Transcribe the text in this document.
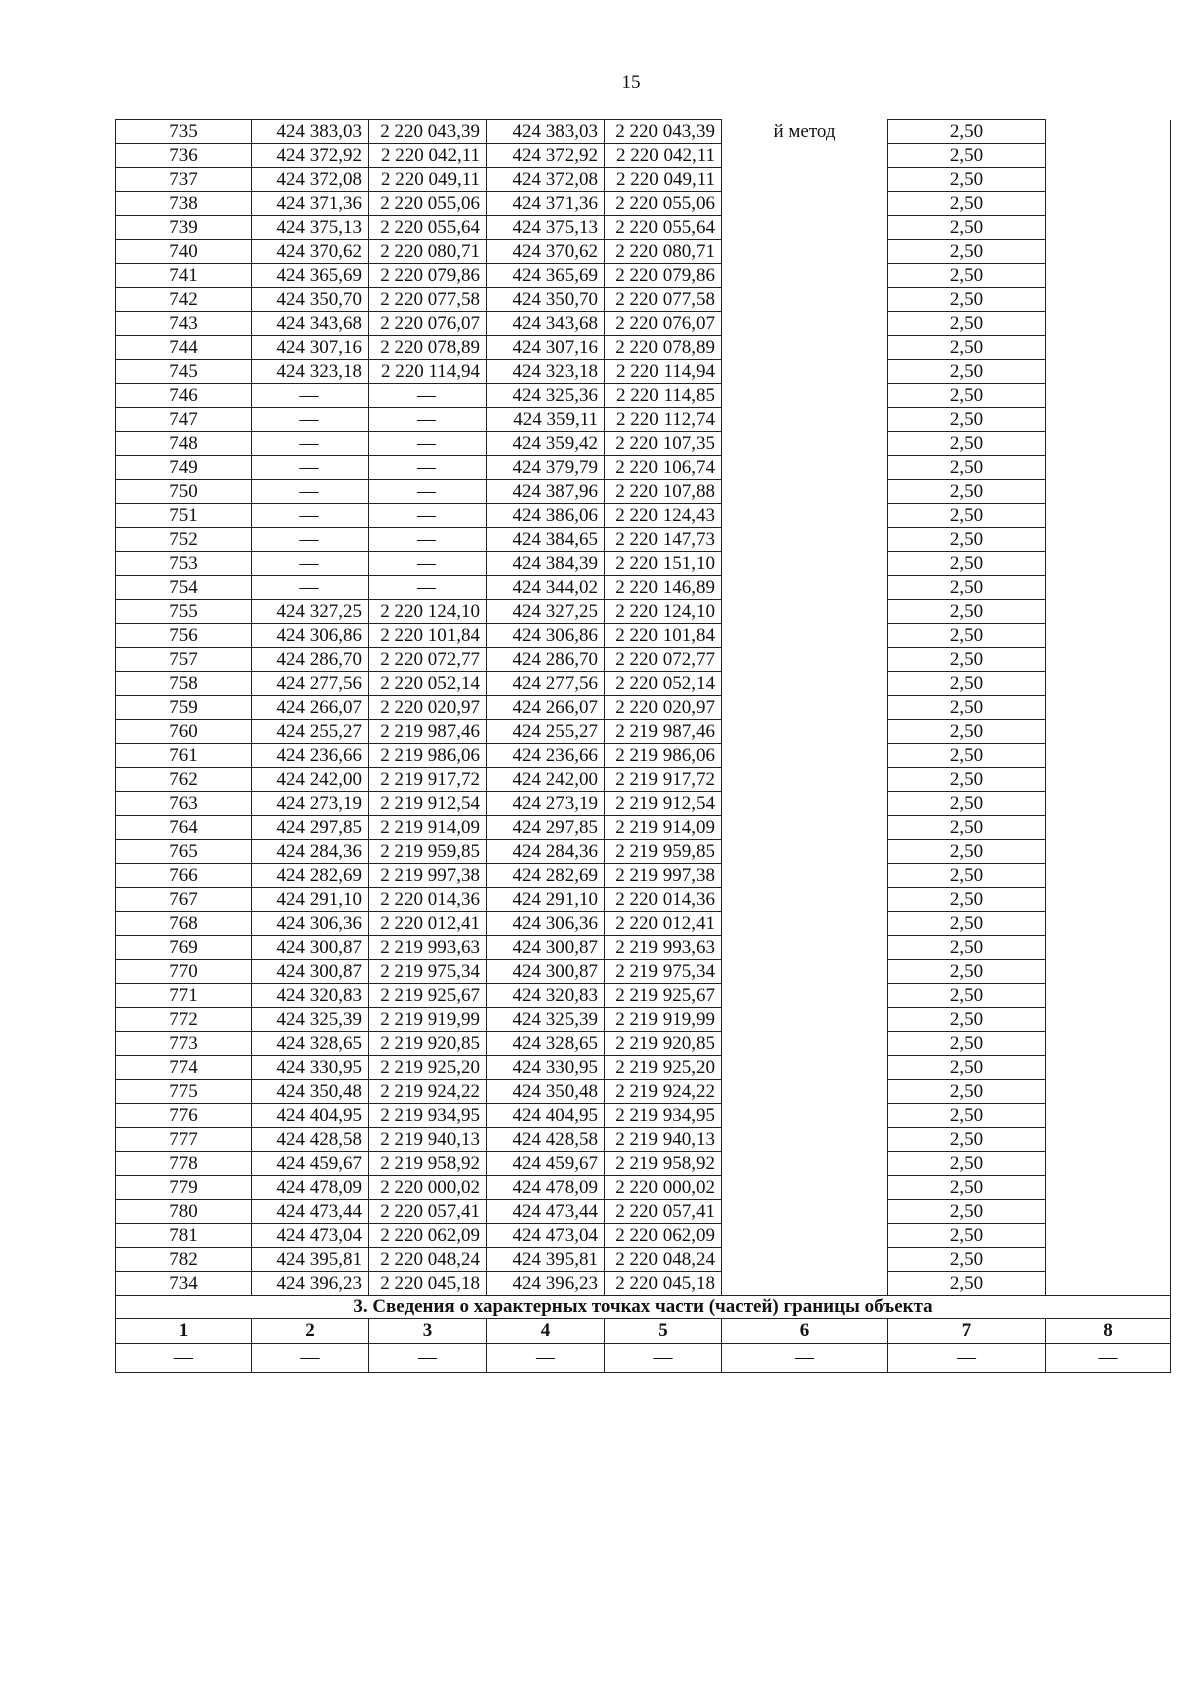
15
735	424 383,03	2 220 043,39	424 383,03	2 220 043,39	й метод	2,50	
736	424 372,92	2 220 042,11	424 372,92	2 220 042,11		2,50	
737	424 372,08	2 220 049,11	424 372,08	2 220 049,11		2,50	
738	424 371,36	2 220 055,06	424 371,36	2 220 055,06		2,50	
739	424 375,13	2 220 055,64	424 375,13	2 220 055,64		2,50	
740	424 370,62	2 220 080,71	424 370,62	2 220 080,71		2,50	
741	424 365,69	2 220 079,86	424 365,69	2 220 079,86		2,50	
742	424 350,70	2 220 077,58	424 350,70	2 220 077,58		2,50	
743	424 343,68	2 220 076,07	424 343,68	2 220 076,07		2,50	
744	424 307,16	2 220 078,89	424 307,16	2 220 078,89		2,50	
745	424 323,18	2 220 114,94	424 323,18	2 220 114,94		2,50	
746	—	—	424 325,36	2 220 114,85		2,50	
747	—	—	424 359,11	2 220 112,74		2,50	
748	—	—	424 359,42	2 220 107,35		2,50	
749	—	—	424 379,79	2 220 106,74		2,50	
750	—	—	424 387,96	2 220 107,88		2,50	
751	—	—	424 386,06	2 220 124,43		2,50	
752	—	—	424 384,65	2 220 147,73		2,50	
753	—	—	424 384,39	2 220 151,10		2,50	
754	—	—	424 344,02	2 220 146,89		2,50	
755	424 327,25	2 220 124,10	424 327,25	2 220 124,10		2,50	
756	424 306,86	2 220 101,84	424 306,86	2 220 101,84		2,50	
757	424 286,70	2 220 072,77	424 286,70	2 220 072,77		2,50	
758	424 277,56	2 220 052,14	424 277,56	2 220 052,14		2,50	
759	424 266,07	2 220 020,97	424 266,07	2 220 020,97		2,50	
760	424 255,27	2 219 987,46	424 255,27	2 219 987,46		2,50	
761	424 236,66	2 219 986,06	424 236,66	2 219 986,06		2,50	
762	424 242,00	2 219 917,72	424 242,00	2 219 917,72		2,50	
763	424 273,19	2 219 912,54	424 273,19	2 219 912,54		2,50	
764	424 297,85	2 219 914,09	424 297,85	2 219 914,09		2,50	
765	424 284,36	2 219 959,85	424 284,36	2 219 959,85		2,50	
766	424 282,69	2 219 997,38	424 282,69	2 219 997,38		2,50	
767	424 291,10	2 220 014,36	424 291,10	2 220 014,36		2,50	
768	424 306,36	2 220 012,41	424 306,36	2 220 012,41		2,50	
769	424 300,87	2 219 993,63	424 300,87	2 219 993,63		2,50	
770	424 300,87	2 219 975,34	424 300,87	2 219 975,34		2,50	
771	424 320,83	2 219 925,67	424 320,83	2 219 925,67		2,50	
772	424 325,39	2 219 919,99	424 325,39	2 219 919,99		2,50	
773	424 328,65	2 219 920,85	424 328,65	2 219 920,85		2,50	
774	424 330,95	2 219 925,20	424 330,95	2 219 925,20		2,50	
775	424 350,48	2 219 924,22	424 350,48	2 219 924,22		2,50	
776	424 404,95	2 219 934,95	424 404,95	2 219 934,95		2,50	
777	424 428,58	2 219 940,13	424 428,58	2 219 940,13		2,50	
778	424 459,67	2 219 958,92	424 459,67	2 219 958,92		2,50	
779	424 478,09	2 220 000,02	424 478,09	2 220 000,02		2,50	
780	424 473,44	2 220 057,41	424 473,44	2 220 057,41		2,50	
781	424 473,04	2 220 062,09	424 473,04	2 220 062,09		2,50	
782	424 395,81	2 220 048,24	424 395,81	2 220 048,24		2,50	
734	424 396,23	2 220 045,18	424 396,23	2 220 045,18		2,50	
3. Сведения о характерных точках части (частей) границы объекта							
1	2	3	4	5	6	7	8
—	—	—	—	—	—	—	—
